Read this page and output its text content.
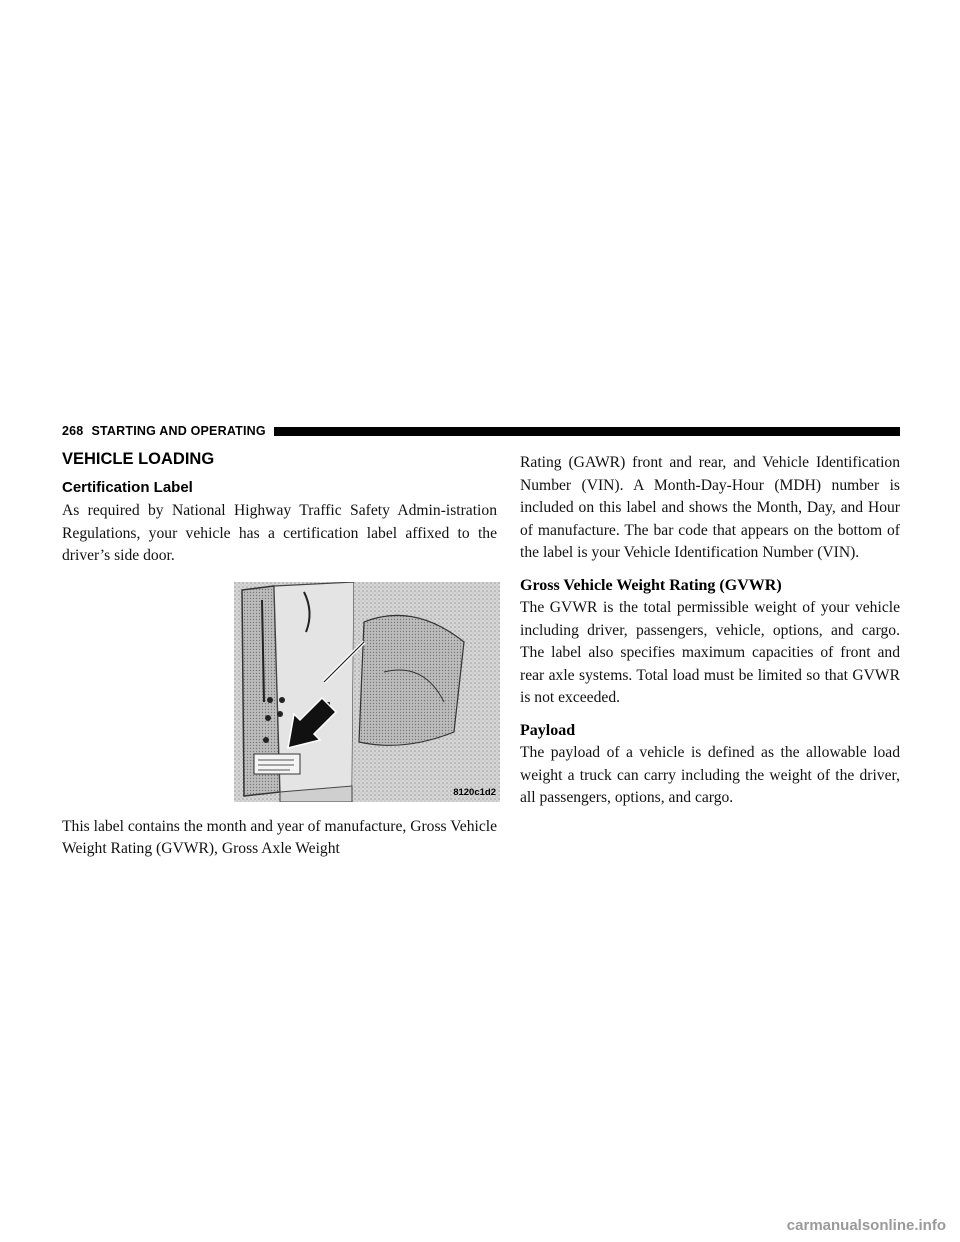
268 STARTING AND OPERATING
VEHICLE LOADING
Certification Label

As required by National Highway Traffic Safety Admin-istration Regulations, your vehicle has a certification label affixed to the driver’s side door.

8120c1d2

This label contains the month and year of manufacture, Gross Vehicle Weight Rating (GVWR), Gross Axle Weight

Rating (GAWR) front and rear, and Vehicle Identification Number (VIN). A Month-Day-Hour (MDH) number is included on this label and shows the Month, Day, and Hour of manufacture. The bar code that appears on the bottom of the label is your Vehicle Identification Number (VIN).

Gross Vehicle Weight Rating (GVWR)

The GVWR is the total permissible weight of your vehicle including driver, passengers, vehicle, options, and cargo. The label also specifies maximum capacities of front and rear axle systems. Total load must be limited so that GVWR is not exceeded.

Payload

The payload of a vehicle is defined as the allowable load weight a truck can carry including the weight of the driver, all passengers, options, and cargo.

carmanualsonline.info
